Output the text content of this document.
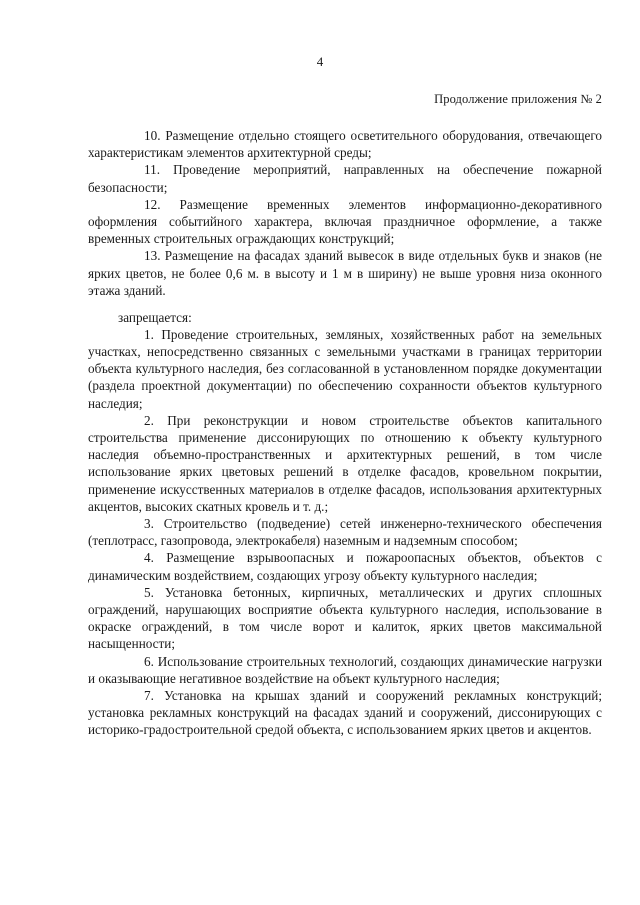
4
Продолжение приложения № 2

10. Размещение отдельно стоящего осветительного оборудования, отвечающего характеристикам элементов архитектурной среды;

11. Проведение мероприятий, направленных на обеспечение пожарной безопасности;

12. Размещение временных элементов информационно-декоративного оформления событийного характера, включая праздничное оформление, а также временных строительных ограждающих конструкций;

13. Размещение на фасадах зданий вывесок в виде отдельных букв и знаков (не ярких цветов, не более 0,6 м. в высоту и 1 м в ширину) не выше уровня низа оконного этажа зданий.

запрещается:

1. Проведение строительных, земляных, хозяйственных работ на земельных участках, непосредственно связанных с земельными участками в границах территории объекта культурного наследия, без согласованной в установленном порядке документации (раздела проектной документации) по обеспечению сохранности объектов культурного наследия;

2. При реконструкции и новом строительстве объектов капитального строительства применение диссонирующих по отношению к объекту культурного наследия объемно-пространственных и архитектурных решений, в том числе использование ярких цветовых решений в отделке фасадов, кровельном покрытии, применение искусственных материалов в отделке фасадов, использования архитектурных акцентов, высоких скатных кровель и т. д.;

3. Строительство (подведение) сетей инженерно-технического обеспечения (теплотрасс, газопровода, электрокабеля) наземным и надземным способом;

4. Размещение взрывоопасных и пожароопасных объектов, объектов с динамическим воздействием, создающих угрозу объекту культурного наследия;

5. Установка бетонных, кирпичных, металлических и других сплошных ограждений, нарушающих восприятие объекта культурного наследия, использование в окраске ограждений, в том числе ворот и калиток, ярких цветов максимальной насыщенности;

6. Использование строительных технологий, создающих динамические нагрузки и оказывающие негативное воздействие на объект культурного наследия;

7. Установка на крышах зданий и сооружений рекламных конструкций; установка рекламных конструкций на фасадах зданий и сооружений, диссонирующих с историко-градостроительной средой объекта, с использованием ярких цветов и акцентов.
